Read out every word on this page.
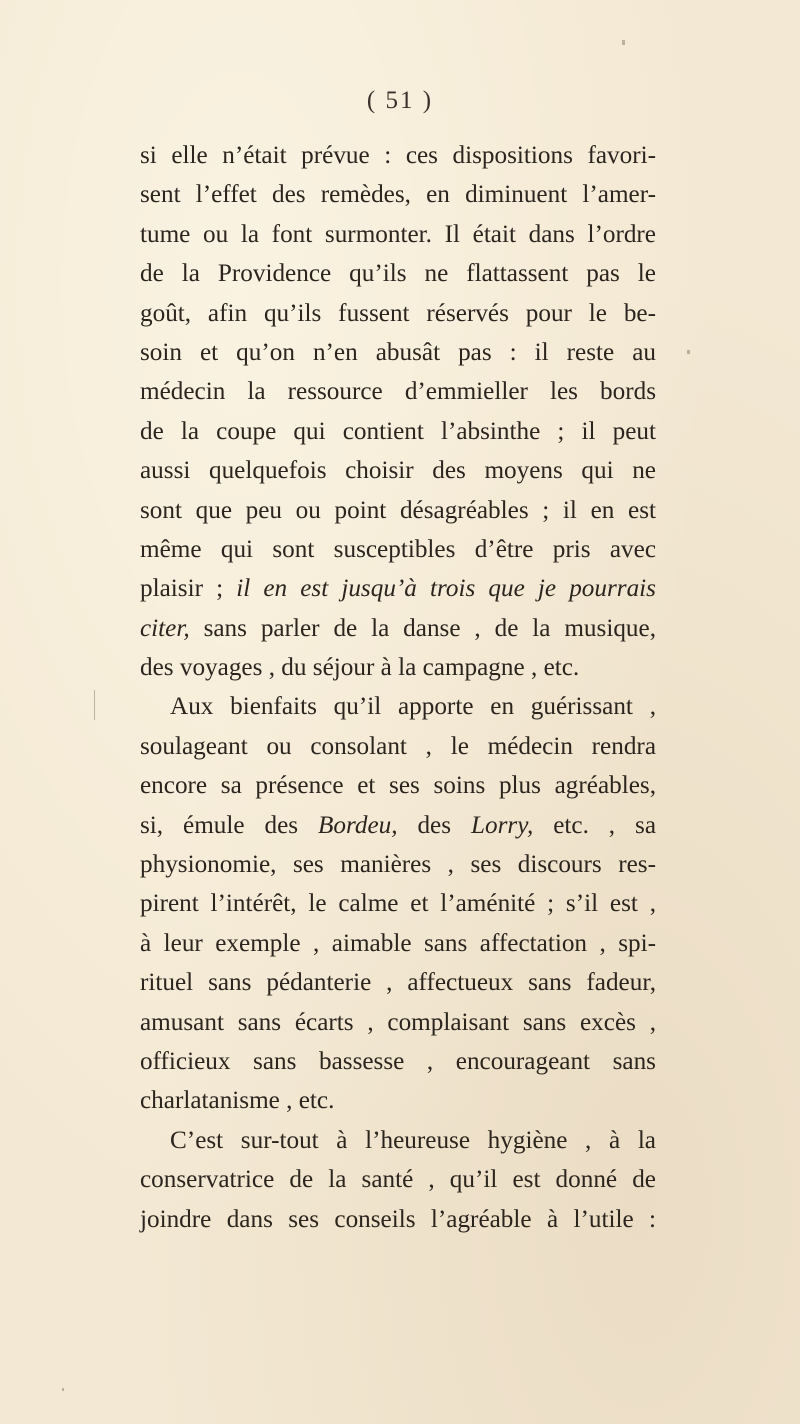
( 51 )
si elle n’était prévue : ces dispositions favori-
sent l’effet des remèdes, en diminuent l’amer-
tume ou la font surmonter. Il était dans l’ordre
de la Providence qu’ils ne flattassent pas le
goût, afin qu’ils fussent réservés pour le be-
soin et qu’on n’en abusât pas : il reste au
médecin la ressource d’emmieller les bords
de la coupe qui contient l’absinthe ; il peut
aussi quelquefois choisir des moyens qui ne
sont que peu ou point désagréables ; il en est
même qui sont susceptibles d’être pris avec
plaisir ; il en est jusqu’à trois que je pourrais
citer, sans parler de la danse , de la musique,
des voyages , du séjour à la campagne , etc.
Aux bienfaits qu’il apporte en guérissant ,
soulageant ou consolant , le médecin rendra
encore sa présence et ses soins plus agréables,
si, émule des Bordeu, des Lorry, etc. , sa
physionomie, ses manières , ses discours res-
pirent l’intérêt, le calme et l’aménité ; s’il est ,
à leur exemple , aimable sans affectation , spi-
rituel sans pédanterie , affectueux sans fadeur,
amusant sans écarts , complaisant sans excès ,
officieux sans bassesse , encourageant sans
charlatanisme , etc.
C’est sur-tout à l’heureuse hygiène , à la
conservatrice de la santé , qu’il est donné de
joindre dans ses conseils l’agréable à l’utile :
